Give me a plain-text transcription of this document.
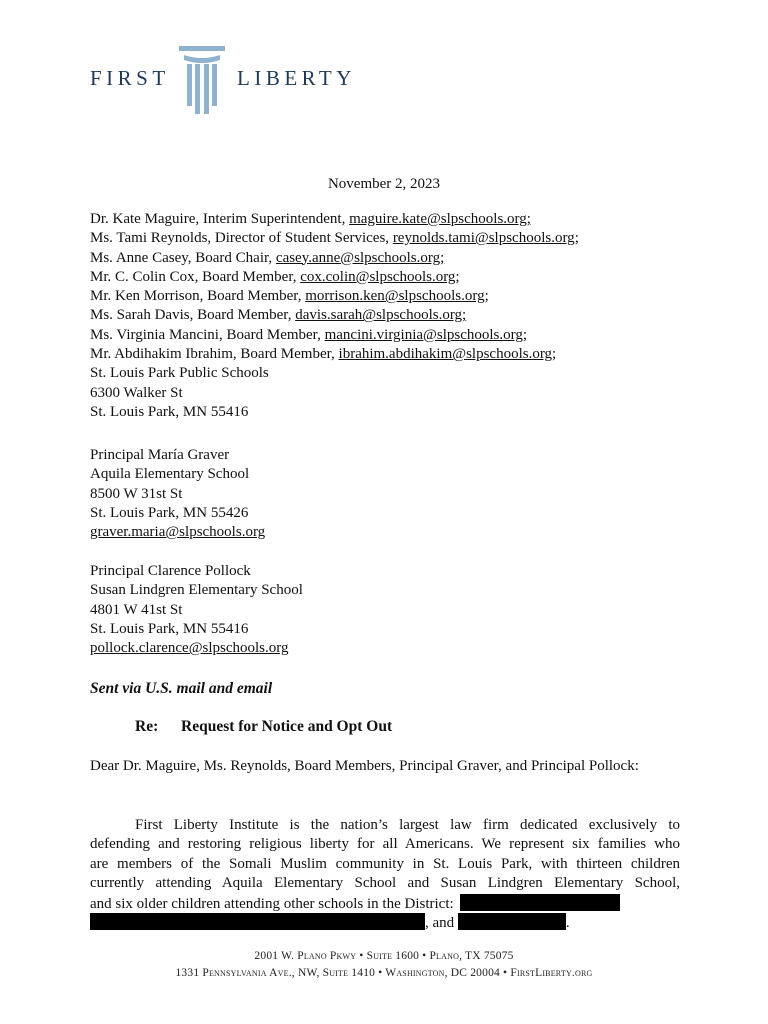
FIRST	LIBERTY
November 2, 2023
Dr. Kate Maguire, Interim Superintendent, maguire.kate@slpschools.org;
Ms. Tami Reynolds, Director of Student Services, reynolds.tami@slpschools.org;
Ms. Anne Casey, Board Chair, casey.anne@slpschools.org;
Mr. C. Colin Cox, Board Member, cox.colin@slpschools.org;
Mr. Ken Morrison, Board Member, morrison.ken@slpschools.org;
Ms. Sarah Davis, Board Member, davis.sarah@slpschools.org;
Ms. Virginia Mancini, Board Member, mancini.virginia@slpschools.org;
Mr. Abdihakim Ibrahim, Board Member, ibrahim.abdihakim@slpschools.org;
St. Louis Park Public Schools
6300 Walker St
St. Louis Park, MN 55416
Principal María Graver
Aquila Elementary School
8500 W 31st St
St. Louis Park, MN 55426
graver.maria@slpschools.org
Principal Clarence Pollock
Susan Lindgren Elementary School
4801 W 41st St
St. Louis Park, MN 55416
pollock.clarence@slpschools.org
Sent via U.S. mail and email
Re: Request for Notice and Opt Out
Dear Dr. Maguire, Ms. Reynolds, Board Members, Principal Graver, and Principal Pollock:
First Liberty Institute is the nation’s largest law firm dedicated exclusively to
defending and restoring religious liberty for all Americans. We represent six families who
are members of the Somali Muslim community in St. Louis Park, with thirteen children
currently attending Aquila Elementary School and Susan Lindgren Elementary School,
and six older children attending other schools in the District:
, and	.
2001 W. Plano Pkwy • Suite 1600 • Plano, TX 75075
1331 Pennsylvania Ave., NW, Suite 1410 • Washington, DC 20004 • FirstLiberty.org
